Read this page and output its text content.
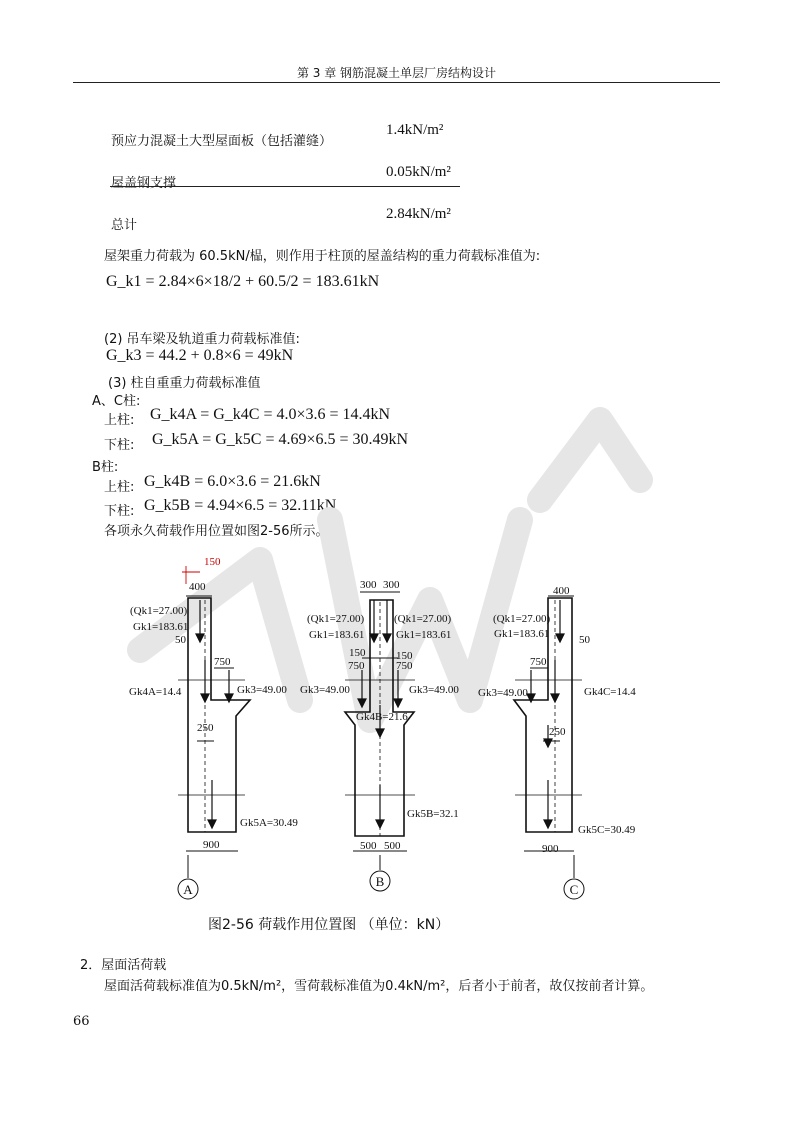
第 3 章 钢筋混凝土单层厂房结构设计
预应力混凝土大型屋面板（包括灌缝）
1.4kN/m²
屋盖钢支撑
0.05kN/m²
总计
2.84kN/m²
屋架重力荷载为 60.5kN/榀，则作用于柱顶的屋盖结构的重力荷载标准值为:
G_k1 = 2.84×6×18/2 + 60.5/2 = 183.61kN
(2) 吊车梁及轨道重力荷载标准值:
G_k3 = 44.2 + 0.8×6 = 49kN
(3) 柱自重重力荷载标准值
A、C柱:
上柱: G_k4A = G_k4C = 4.0×3.6 = 14.4kN
下柱: G_k5A = G_k5C = 4.69×6.5 = 30.49kN
B柱:
上柱: G_k4B = 6.0×3.6 = 21.6kN
下柱: G_k5B = 4.94×6.5 = 32.11kN
各项永久荷载作用位置如图2-56所示。
A
B
C
150
400
50
750
250
900
(Qk1=27.00)
Gk1=183.61
Gk4A=14.4	Gk3=49.00
Gk5A=30.49
300 300
150	150
750	750
500 500
(Qk1=27.00)
Gk1=183.61
(Qk1=27.00)
Gk1=183.61
Gk3=49.00	Gk3=49.00
Gk4B=21.6
Gk5B=32.1
400
50
750
250
900
(Qk1=27.00)
Gk1=183.61
Gk3=49.00	Gk4C=14.4
Gk5C=30.49
图2-56 荷载作用位置图 （单位：kN）
2．屋面活荷载
屋面活荷载标准值为0.5kN/m²，雪荷载标准值为0.4kN/m²，后者小于前者，故仅按前者计算。
66
